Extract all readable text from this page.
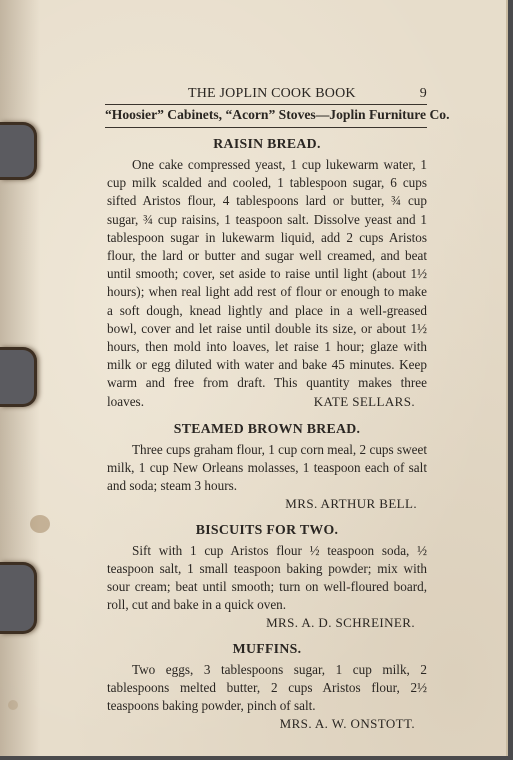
THE JOPLIN COOK BOOK	9
“Hoosier” Cabinets, “Acorn” Stoves—Joplin Furniture Co.

RAISIN BREAD.

One cake compressed yeast, 1 cup lukewarm water, 1 cup milk scalded and cooled, 1 tablespoon sugar, 6 cups sifted Aristos flour, 4 tablespoons lard or butter, ¾ cup sugar, ¾ cup raisins, 1 teaspoon salt. Dissolve yeast and 1 tablespoon sugar in lukewarm liquid, add 2 cups Aristos flour, the lard or butter and sugar well creamed, and beat until smooth; cover, set aside to raise until light (about 1½ hours); when real light add rest of flour or enough to make a soft dough, knead lightly and place in a well-greased bowl, cover and let raise until double its size, or about 1½ hours, then mold into loaves, let raise 1 hour; glaze with milk or egg diluted with water and bake 45 minutes. Keep warm and free from draft. This quantity makes three loaves.	KATE SELLARS.

STEAMED BROWN BREAD.

Three cups graham flour, 1 cup corn meal, 2 cups sweet milk, 1 cup New Orleans molasses, 1 teaspoon each of salt and soda; steam 3 hours.

MRS. ARTHUR BELL.

BISCUITS FOR TWO.

Sift with 1 cup Aristos flour ½ teaspoon soda, ½ teaspoon salt, 1 small teaspoon baking powder; mix with sour cream; beat until smooth; turn on well-floured board, roll, cut and bake in a quick oven.

MRS. A. D. SCHREINER.

MUFFINS.

Two eggs, 3 tablespoons sugar, 1 cup milk, 2 tablespoons melted butter, 2 cups Aristos flour, 2½ teaspoons baking powder, pinch of salt.

MRS. A. W. ONSTOTT.
